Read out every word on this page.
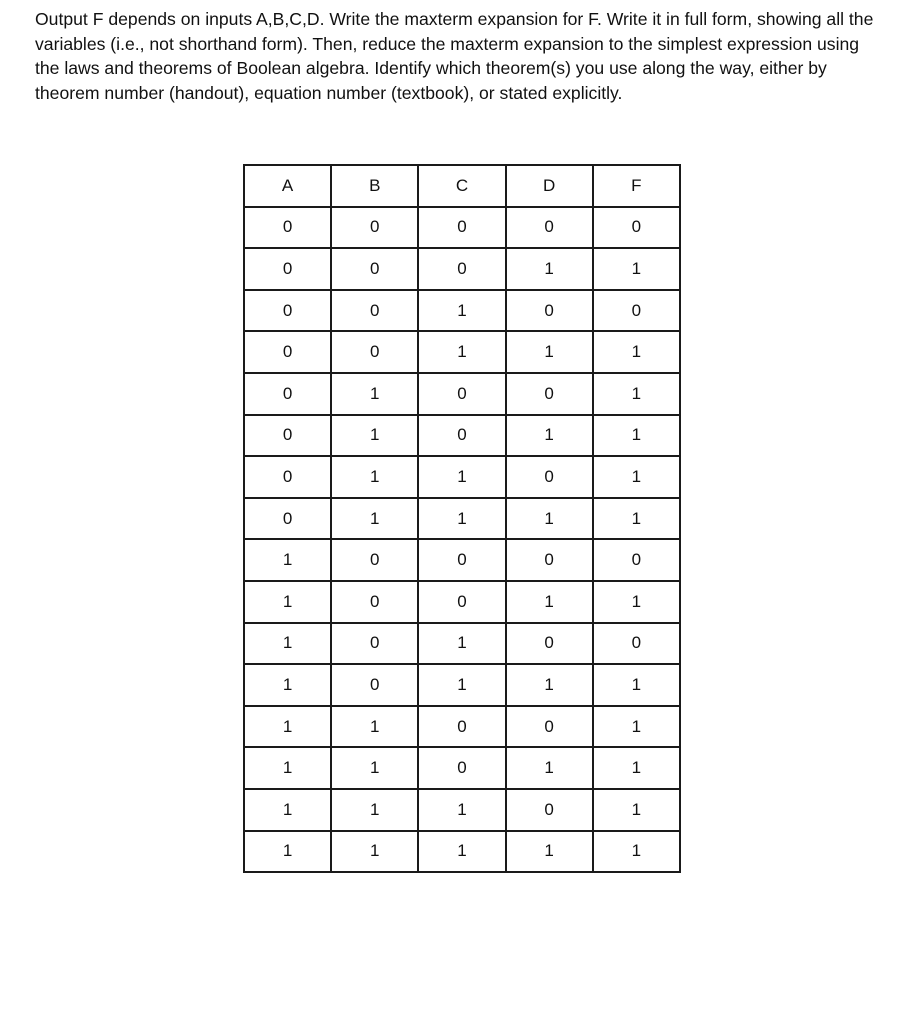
Output F depends on inputs A,B,C,D. Write the maxterm expansion for F. Write it in full form, showing all the variables (i.e., not shorthand form). Then, reduce the maxterm expansion to the simplest expression using the laws and theorems of Boolean algebra. Identify which theorem(s) you use along the way, either by theorem number (handout), equation number (textbook), or stated explicitly.

A	B	C	D	F
0	0	0	0	0
0	0	0	1	1
0	0	1	0	0
0	0	1	1	1
0	1	0	0	1
0	1	0	1	1
0	1	1	0	1
0	1	1	1	1
1	0	0	0	0
1	0	0	1	1
1	0	1	0	0
1	0	1	1	1
1	1	0	0	1
1	1	0	1	1
1	1	1	0	1
1	1	1	1	1
